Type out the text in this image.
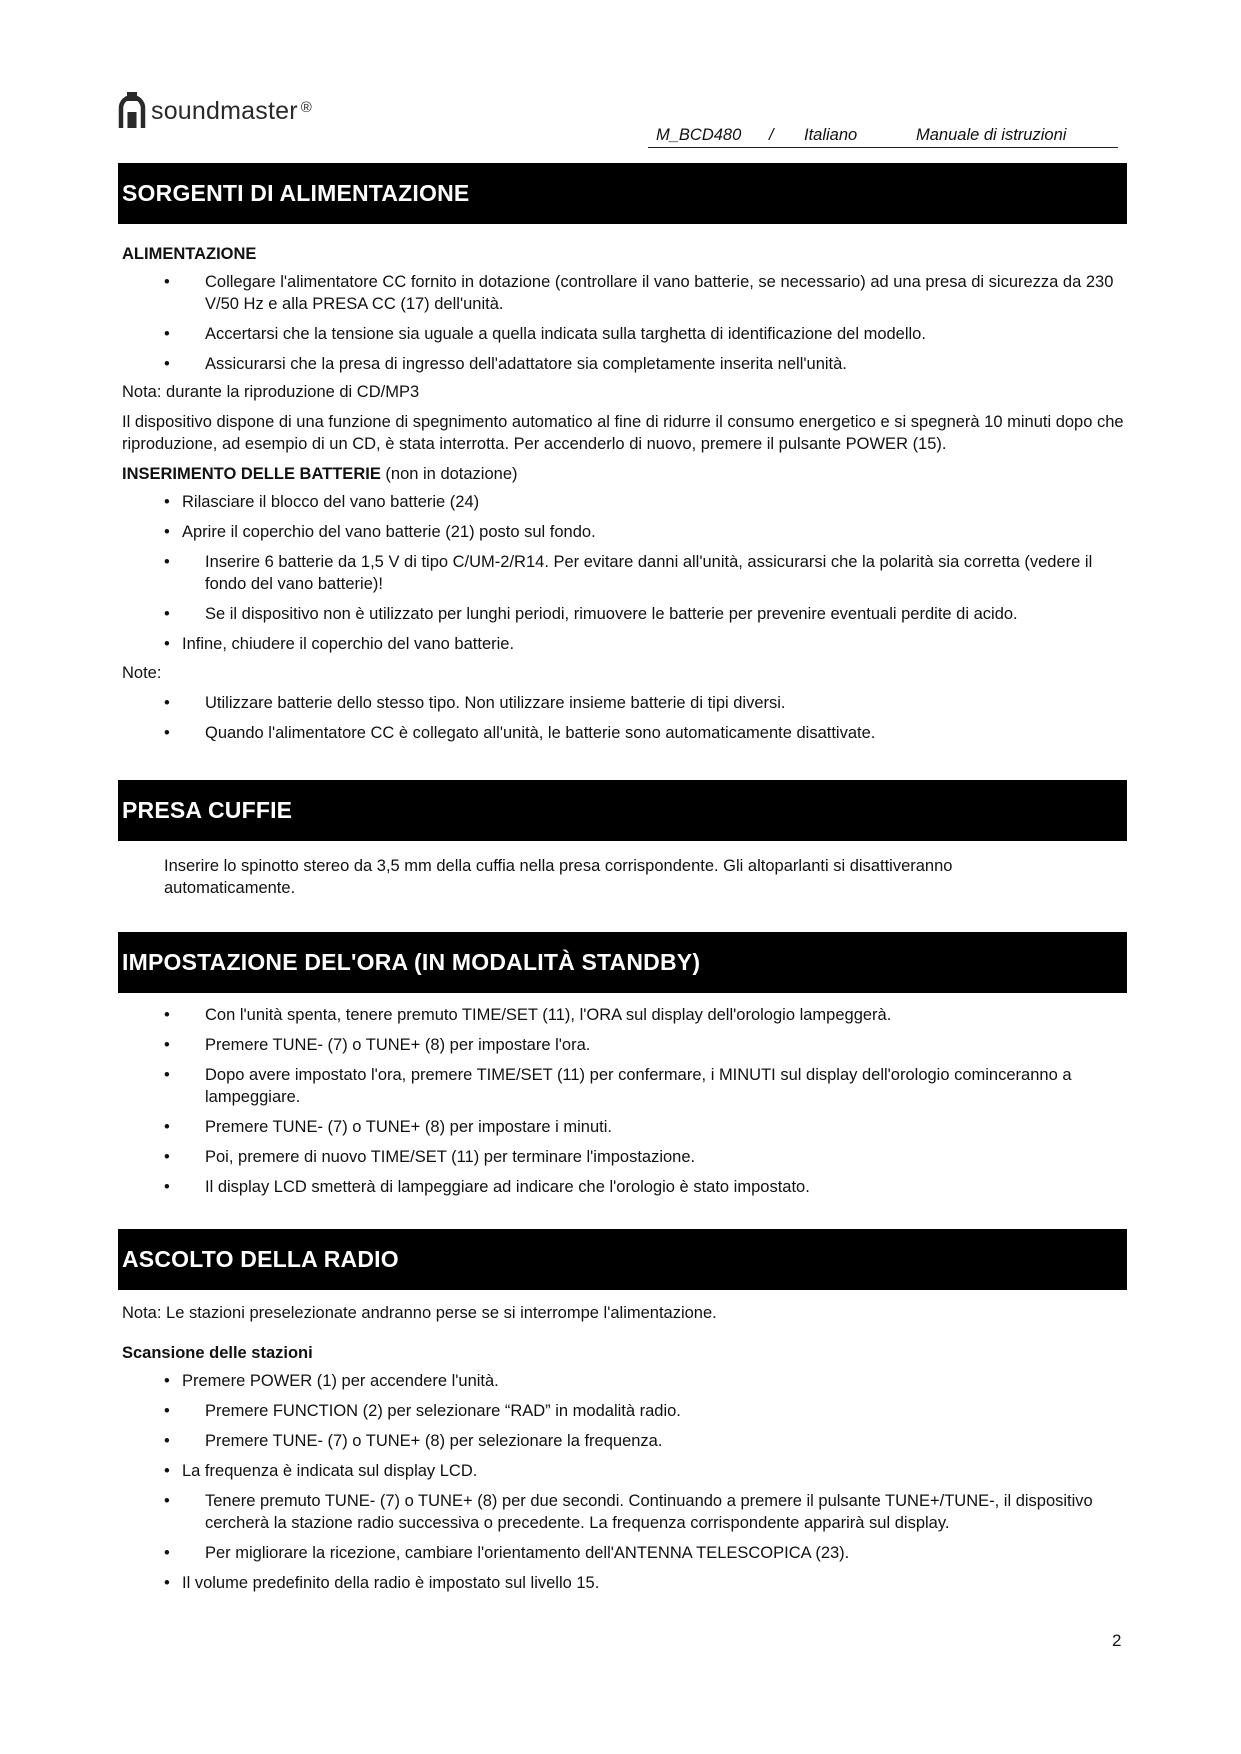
soundmaster ®
M_BCD480 / Italiano	Manuale di istruzioni
SORGENTI DI ALIMENTAZIONE

ALIMENTAZIONE

• Collegare l'alimentatore CC fornito in dotazione (controllare il vano batterie, se necessario) ad una presa di sicurezza da 230 V/50 Hz e alla PRESA CC (17) dell'unità.
• Accertarsi che la tensione sia uguale a quella indicata sulla targhetta di identificazione del modello.
• Assicurarsi che la presa di ingresso dell'adattatore sia completamente inserita nell'unità.

Nota: durante la riproduzione di CD/MP3

Il dispositivo dispone di una funzione di spegnimento automatico al fine di ridurre il consumo energetico e si spegnerà 10 minuti dopo che riproduzione, ad esempio di un CD, è stata interrotta. Per accenderlo di nuovo, premere il pulsante POWER (15).

INSERIMENTO DELLE BATTERIE (non in dotazione)

• Rilasciare il blocco del vano batterie (24)
• Aprire il coperchio del vano batterie (21) posto sul fondo.
• Inserire 6 batterie da 1,5 V di tipo C/UM-2/R14. Per evitare danni all'unità, assicurarsi che la polarità sia corretta (vedere il fondo del vano batterie)!
• Se il dispositivo non è utilizzato per lunghi periodi, rimuovere le batterie per prevenire eventuali perdite di acido.
• Infine, chiudere il coperchio del vano batterie.

Note:

• Utilizzare batterie dello stesso tipo. Non utilizzare insieme batterie di tipi diversi.
• Quando l'alimentatore CC è collegato all'unità, le batterie sono automaticamente disattivate.
PRESA CUFFIE

Inserire lo spinotto stereo da 3,5 mm della cuffia nella presa corrispondente. Gli altoparlanti si disattiveranno automaticamente.

IMPOSTAZIONE DEL'ORA (IN MODALITÀ STANDBY)
• Con l'unità spenta, tenere premuto TIME/SET (11), l'ORA sul display dell'orologio lampeggerà.
• Premere TUNE- (7) o TUNE+ (8) per impostare l'ora.
• Dopo avere impostato l'ora, premere TIME/SET (11) per confermare, i MINUTI sul display dell'orologio cominceranno a lampeggiare.
• Premere TUNE- (7) o TUNE+ (8) per impostare i minuti.
• Poi, premere di nuovo TIME/SET (11) per terminare l'impostazione.
• Il display LCD smetterà di lampeggiare ad indicare che l'orologio è stato impostato.
ASCOLTO DELLA RADIO

Nota: Le stazioni preselezionate andranno perse se si interrompe l'alimentazione.

Scansione delle stazioni

• Premere POWER (1) per accendere l'unità.
• Premere FUNCTION (2) per selezionare “RAD” in modalità radio.
• Premere TUNE- (7) o TUNE+ (8) per selezionare la frequenza.
• La frequenza è indicata sul display LCD.
• Tenere premuto TUNE- (7) o TUNE+ (8) per due secondi. Continuando a premere il pulsante TUNE+/TUNE-, il dispositivo cercherà la stazione radio successiva o precedente. La frequenza corrispondente apparirà sul display.
• Per migliorare la ricezione, cambiare l'orientamento dell'ANTENNA TELESCOPICA (23).
• Il volume predefinito della radio è impostato sul livello 15.
2
